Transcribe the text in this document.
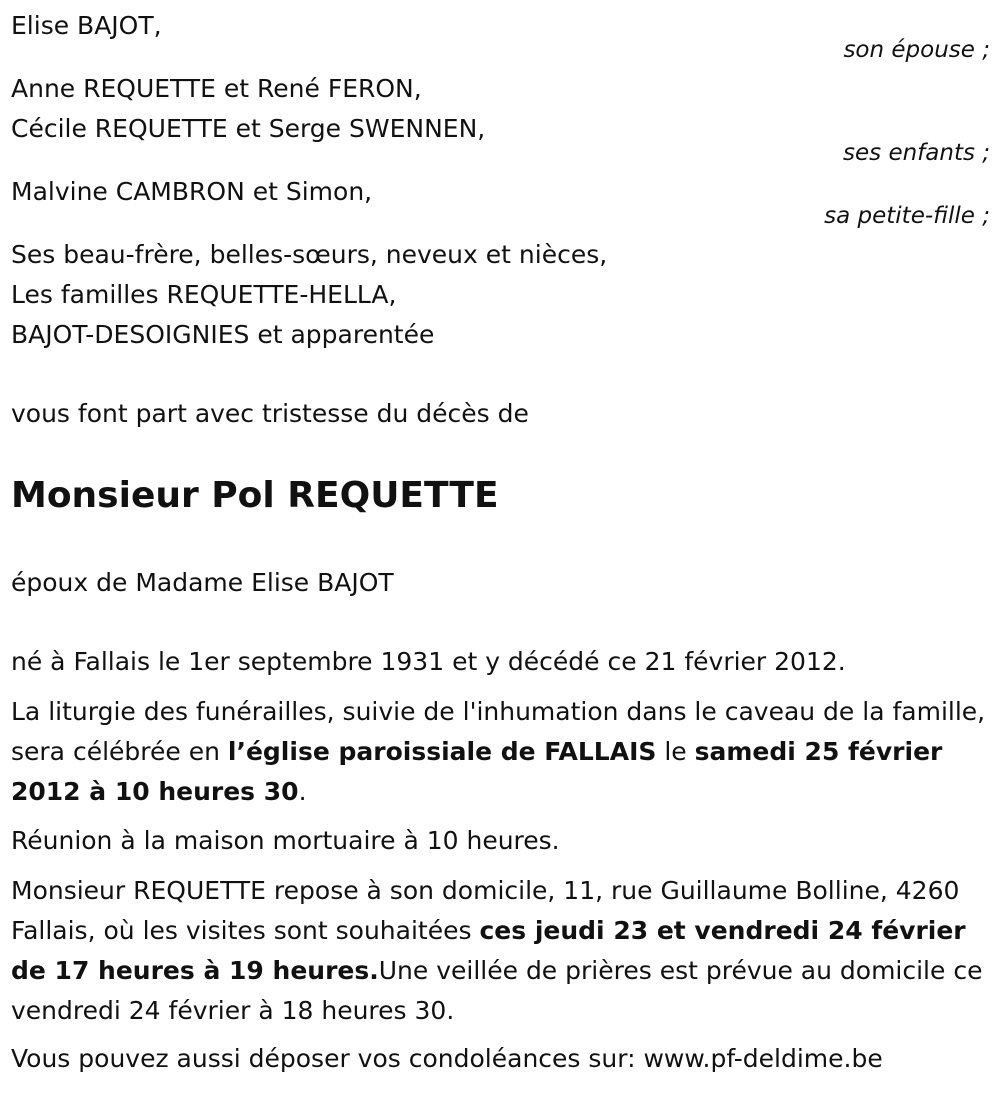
Elise BAJOT,
son épouse ;
Anne REQUETTE et René FERON,
Cécile REQUETTE et Serge SWENNEN,
ses enfants ;
Malvine CAMBRON et Simon,
sa petite-fille ;
Ses beau-frère, belles-sœurs, neveux et nièces,
Les familles REQUETTE-HELLA,
BAJOT-DESOIGNIES et apparentée
vous font part avec tristesse du décès de
Monsieur Pol REQUETTE
époux de Madame Elise BAJOT
né à Fallais le 1er septembre 1931 et y décédé ce 21 février 2012.
La liturgie des funérailles, suivie de l'inhumation dans le caveau de la famille, sera célébrée en l’église paroissiale de FALLAIS le samedi 25 février 2012 à 10 heures 30.
Réunion à la maison mortuaire à 10 heures.
Monsieur REQUETTE repose à son domicile, 11, rue Guillaume Bolline, 4260 Fallais, où les visites sont souhaitées ces jeudi 23 et vendredi 24 février de 17 heures à 19 heures.Une veillée de prières est prévue au domicile ce vendredi 24 février à 18 heures 30.
Vous pouvez aussi déposer vos condoléances sur: www.pf-deldime.be
